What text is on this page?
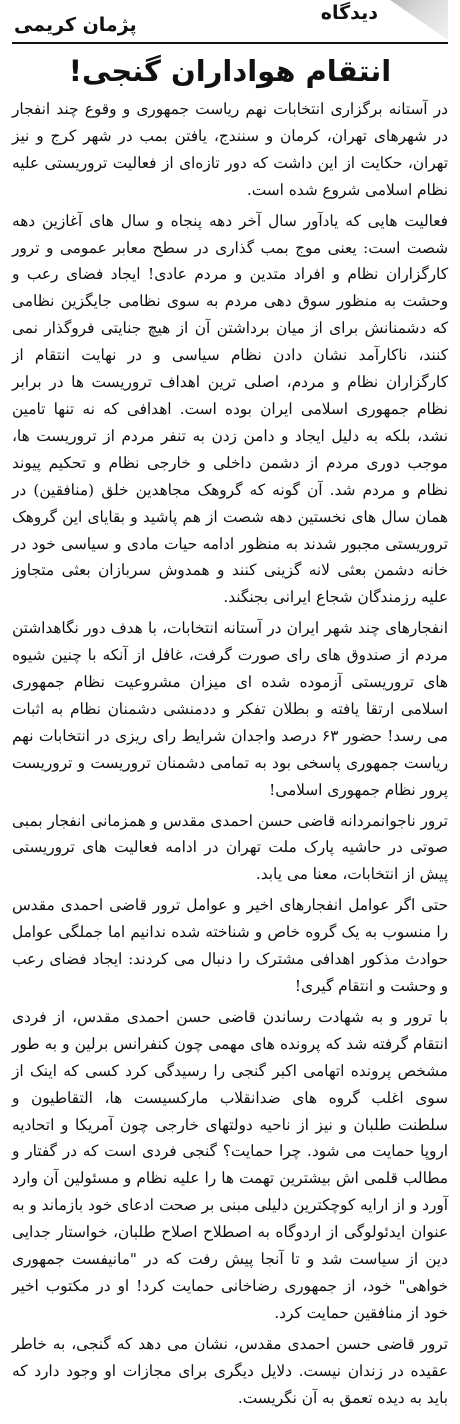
دیدگاه
پژمان کریمی
انتقام هواداران گنجی!

در آستانه برگزاری انتخابات نهم ریاست جمهوری و وقوع چند انفجار در شهرهای تهران، کرمان و سنندج، یافتن بمب در شهر کرج و نیز تهران، حکایت از این داشت که دور تازه‌ای از فعالیت تروریستی علیه نظام اسلامی شروع شده است.

فعالیت هایی که یادآور سال آخر دهه پنجاه و سال های آغازین دهه شصت است: یعنی موج بمب گذاری در سطح معابر عمومی و ترور کارگزاران نظام و افراد متدین و مردم عادی! ایجاد فضای رعب و وحشت به منظور سوق دهی مردم به سوی نظامی جایگزین نظامی که دشمنانش برای از میان برداشتن آن از هیچ جنایتی فروگذار نمی کنند، ناکارآمد نشان دادن نظام سیاسی و در نهایت انتقام از کارگزاران نظام و مردم، اصلی ترین اهداف تروریست ها در برابر نظام جمهوری اسلامی ایران بوده است. اهدافی که نه تنها تامین نشد، بلکه به دلیل ایجاد و دامن زدن به تنفر مردم از تروریست ها، موجب دوری مردم از دشمن داخلی و خارجی نظام و تحکیم پیوند نظام و مردم شد. آن گونه که گروهک مجاهدین خلق (منافقین) در همان سال های نخستین دهه شصت از هم پاشید و بقایای این گروهک تروریستی مجبور شدند به منظور ادامه حیات مادی و سیاسی خود در خانه دشمن بعثی لانه گزینی کنند و همدوش سربازان بعثی متجاوز علیه رزمندگان شجاع ایرانی بجنگند.

انفجارهای چند شهر ایران در آستانه انتخابات، با هدف دور نگاهداشتن مردم از صندوق های رای صورت گرفت، غافل از آنکه با چنین شیوه های تروریستی آزموده شده ای میزان مشروعیت نظام جمهوری اسلامی ارتقا یافته و بطلان تفکر و ددمنشی دشمنان نظام به اثبات می رسد! حضور ۶۳ درصد واجدان شرایط رای ریزی در انتخابات نهم ریاست جمهوری پاسخی بود به تمامی دشمنان تروریست و تروریست پرور نظام جمهوری اسلامی!

ترور ناجوانمردانه قاضی حسن احمدی مقدس و همزمانی انفجار بمبی صوتی در حاشیه پارک ملت تهران در ادامه فعالیت های تروریستی پیش از انتخابات، معنا می یابد.

حتی اگر عوامل انفجارهای اخیر و عوامل ترور قاضی احمدی مقدس را منسوب به یک گروه خاص و شناخته شده ندانیم اما جملگی عوامل حوادث مذکور اهدافی مشترک را دنبال می کردند: ایجاد فضای رعب و وحشت و انتقام گیری!

با ترور و به شهادت رساندن قاضی حسن احمدی مقدس، از فردی انتقام گرفته شد که پرونده های مهمی چون کنفرانس برلین و به طور مشخص پرونده اتهامی اکبر گنجی را رسیدگی کرد کسی که اینک از سوی اغلب گروه های ضدانقلاب مارکسیست ها، التقاطیون و سلطنت طلبان و نیز از ناحیه دولتهای خارجی چون آمریکا و اتحادیه اروپا حمایت می شود. چرا حمایت؟ گنجی فردی است که در گفتار و مطالب قلمی اش بیشترین تهمت ها را علیه نظام و مسئولین آن وارد آورد و از ارایه کوچکترین دلیلی مبنی بر صحت ادعای خود بازماند و به عنوان ایدئولوگی از اردوگاه به اصطلاح اصلاح طلبان، خواستار جدایی دین از سیاست شد و تا آنجا پیش رفت که در "مانیفست جمهوری خواهی" خود، از جمهوری رضاخانی حمایت کرد! او در مکتوب اخیر خود از منافقین حمایت کرد.

ترور قاضی حسن احمدی مقدس، نشان می دهد که گنجی، به خاطر عقیده در زندان نیست. دلایل دیگری برای مجازات او وجود دارد که باید به دیده تعمق به آن نگریست.
